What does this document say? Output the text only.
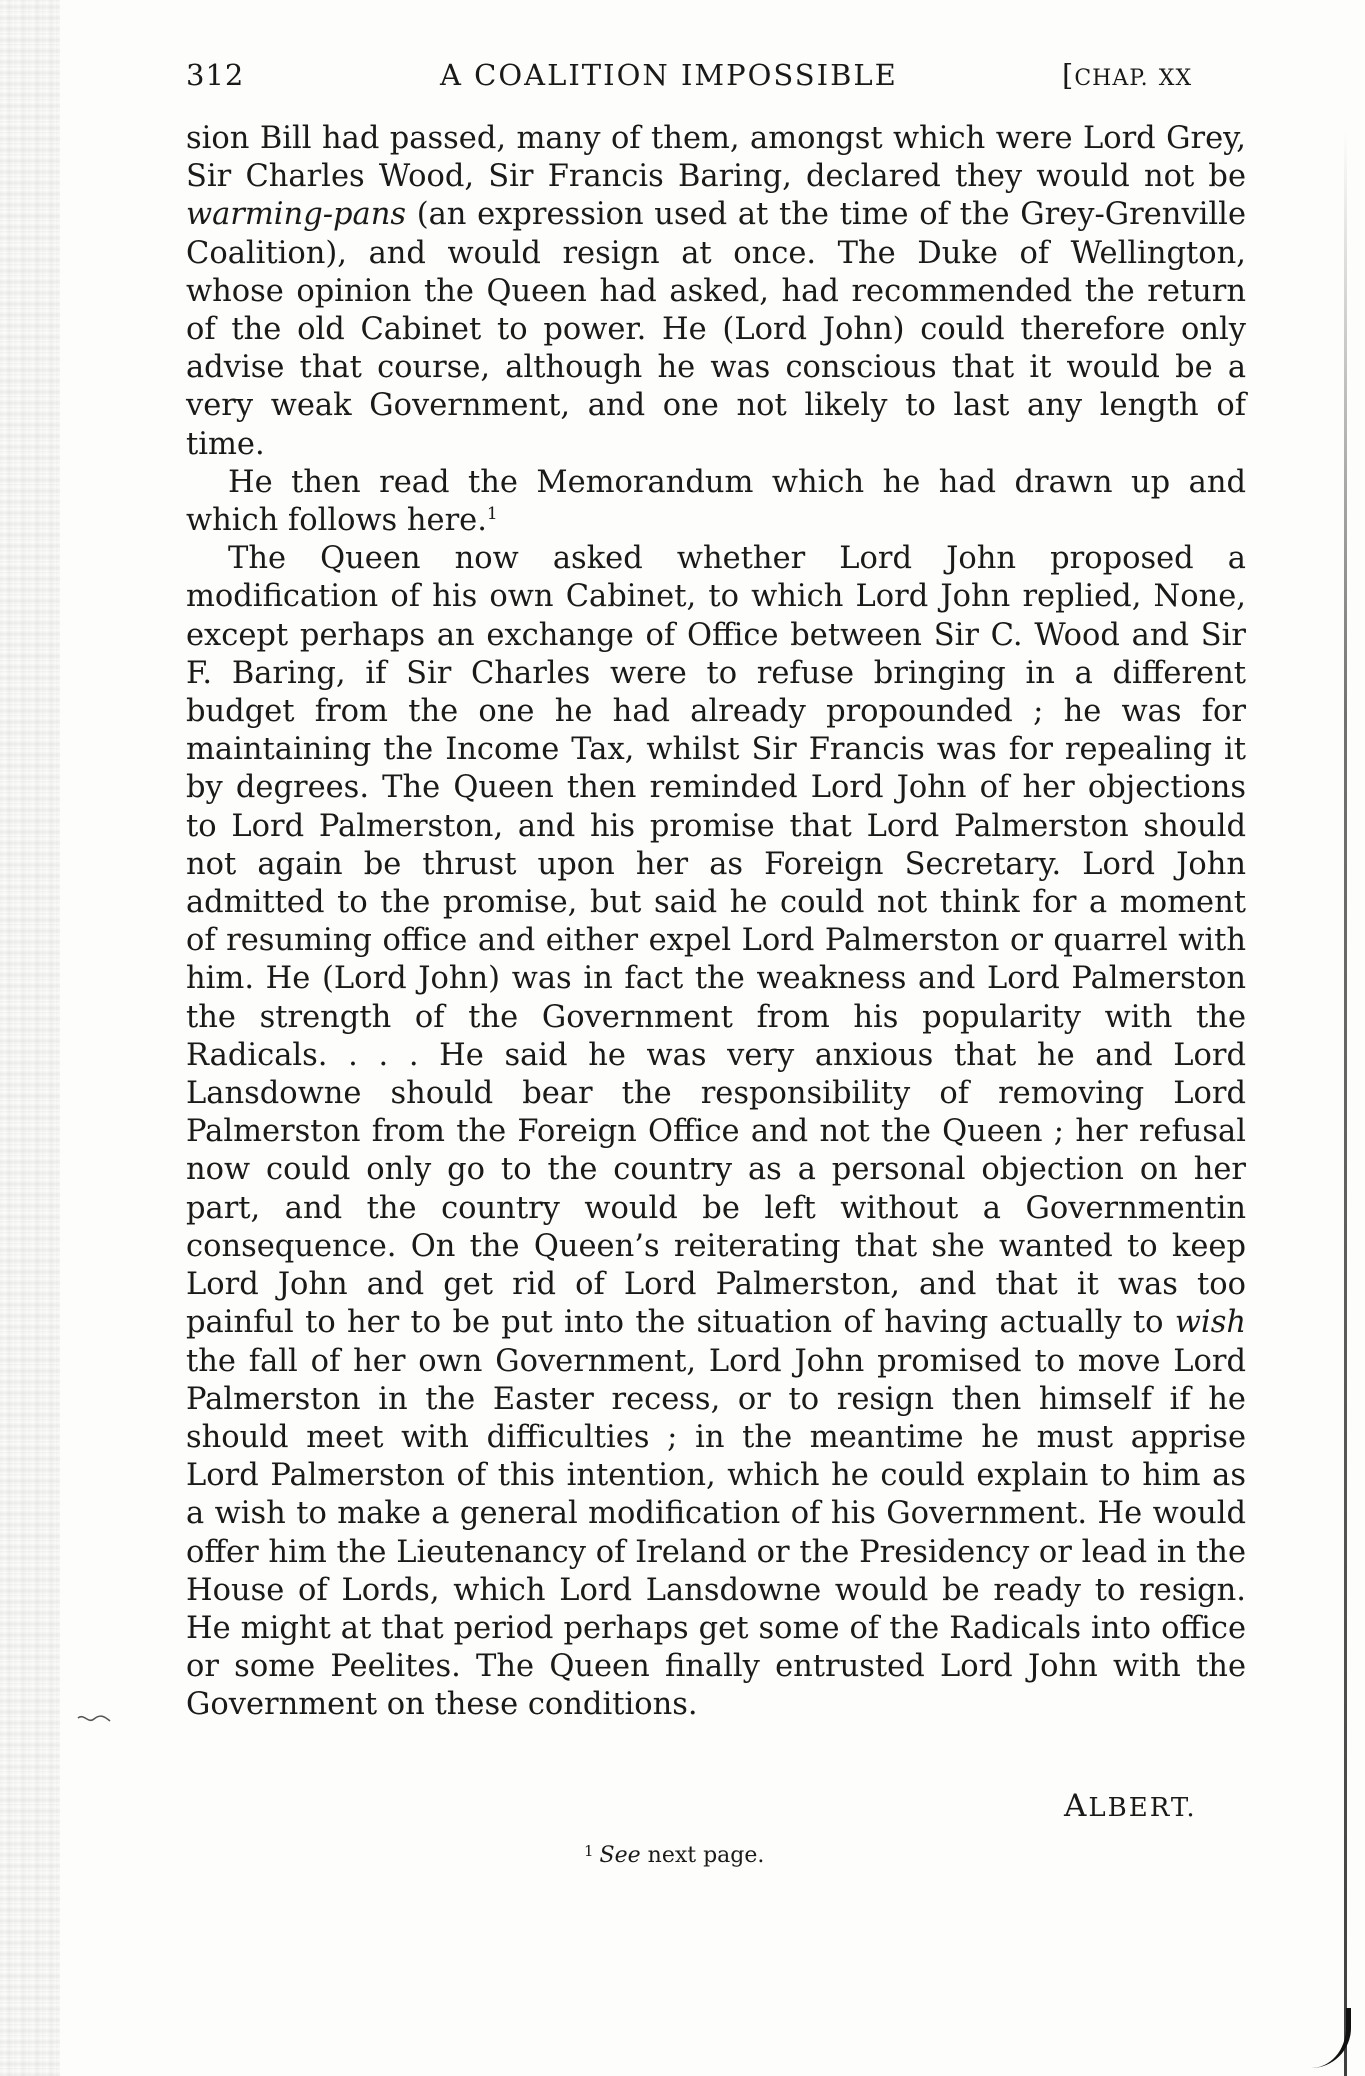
312	A COALITION IMPOSSIBLE	[CHAP. XX

sion Bill had passed, many of them, amongst which were Lord Grey, Sir Charles Wood, Sir Francis Baring, declared they would not be warming-pans (an expression used at the time of the Grey-Grenville Coalition), and would resign at once. The Duke of Wellington, whose opinion the Queen had asked, had recommended the return of the old Cabinet to power. He (Lord John) could therefore only advise that course, although he was conscious that it would be a very weak Government, and one not likely to last any length of time.

He then read the Memorandum which he had drawn up and which follows here.$^1$

The Queen now asked whether Lord John proposed a modification of his own Cabinet, to which Lord John replied, None, except perhaps an exchange of Office between Sir C. Wood and Sir F. Baring, if Sir Charles were to refuse bringing in a different budget from the one he had already propounded ; he was for maintaining the Income Tax, whilst Sir Francis was for repealing it by degrees. The Queen then reminded Lord John of her objections to Lord Palmerston, and his promise that Lord Palmerston should not again be thrust upon her as Foreign Secretary. Lord John admitted to the promise, but said he could not think for a moment of resuming office and either expel Lord Palmerston or quarrel with him. He (Lord John) was in fact the weakness and Lord Palmerston the strength of the Government from his popularity with the Radicals. . . . He said he was very anxious that he and Lord Lansdowne should bear the responsibility of removing Lord Palmerston from the Foreign Office and not the Queen ; her refusal now could only go to the country as a personal objection on her part, and the country would be left without a Governmentin consequence. On the Queen’s reiterating that she wanted to keep Lord John and get rid of Lord Palmerston, and that it was too painful to her to be put into the situation of having actually to wish the fall of her own Government, Lord John promised to move Lord Palmerston in the Easter recess, or to resign then himself if he should meet with difficulties ; in the meantime he must apprise Lord Palmerston of this intention, which he could explain to him as a wish to make a general modification of his Government. He would offer him the Lieutenancy of Ireland or the Presidency or lead in the House of Lords, which Lord Lansdowne would be ready to resign. He might at that period perhaps get some of the Radicals into office or some Peelites. The Queen finally entrusted Lord John with the Government on these conditions.

ALBERT.
$^1$ See next page.
